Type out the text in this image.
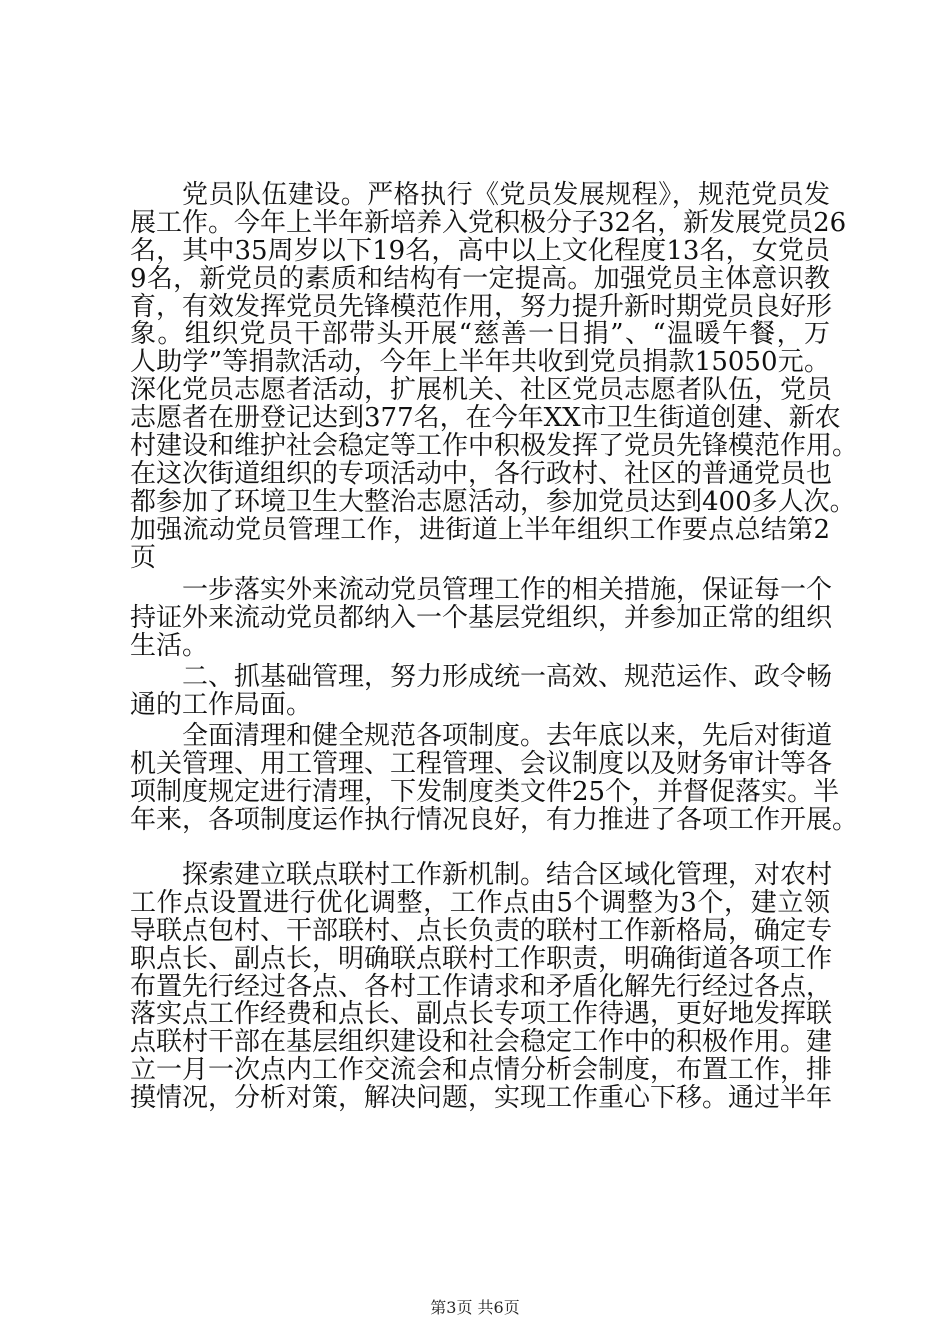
党员队伍建设。严格执行《党员发展规程》，规范党员发

展工作。今年上半年新培养入党积极分子32名，新发展党员26

名，其中35周岁以下19名，高中以上文化程度13名，女党员

9名，新党员的素质和结构有一定提高。加强党员主体意识教

育，有效发挥党员先锋模范作用，努力提升新时期党员良好形

象。组织党员干部带头开展“慈善一日捐”、“温暖午餐，万

人助学”等捐款活动，今年上半年共收到党员捐款15050元。

深化党员志愿者活动，扩展机关、社区党员志愿者队伍，党员

志愿者在册登记达到377名，在今年XX市卫生街道创建、新农

村建设和维护社会稳定等工作中积极发挥了党员先锋模范作用。

在这次街道组织的专项活动中，各行政村、社区的普通党员也

都参加了环境卫生大整治志愿活动，参加党员达到400多人次。

加强流动党员管理工作，进街道上半年组织工作要点总结第2

页

一步落实外来流动党员管理工作的相关措施，保证每一个

持证外来流动党员都纳入一个基层党组织，并参加正常的组织

生活。

二、抓基础管理，努力形成统一高效、规范运作、政令畅

通的工作局面。

全面清理和健全规范各项制度。去年底以来，先后对街道

机关管理、用工管理、工程管理、会议制度以及财务审计等各

项制度规定进行清理，下发制度类文件25个，并督促落实。半

年来，各项制度运作执行情况良好，有力推进了各项工作开展。

探索建立联点联村工作新机制。结合区域化管理，对农村

工作点设置进行优化调整，工作点由5个调整为3个，建立领

导联点包村、干部联村、点长负责的联村工作新格局，确定专

职点长、副点长，明确联点联村工作职责，明确街道各项工作

布置先行经过各点、各村工作请求和矛盾化解先行经过各点，

落实点工作经费和点长、副点长专项工作待遇，更好地发挥联

点联村干部在基层组织建设和社会稳定工作中的积极作用。建

立一月一次点内工作交流会和点情分析会制度，布置工作，排

摸情况，分析对策，解决问题，实现工作重心下移。通过半年

第3页 共6页
